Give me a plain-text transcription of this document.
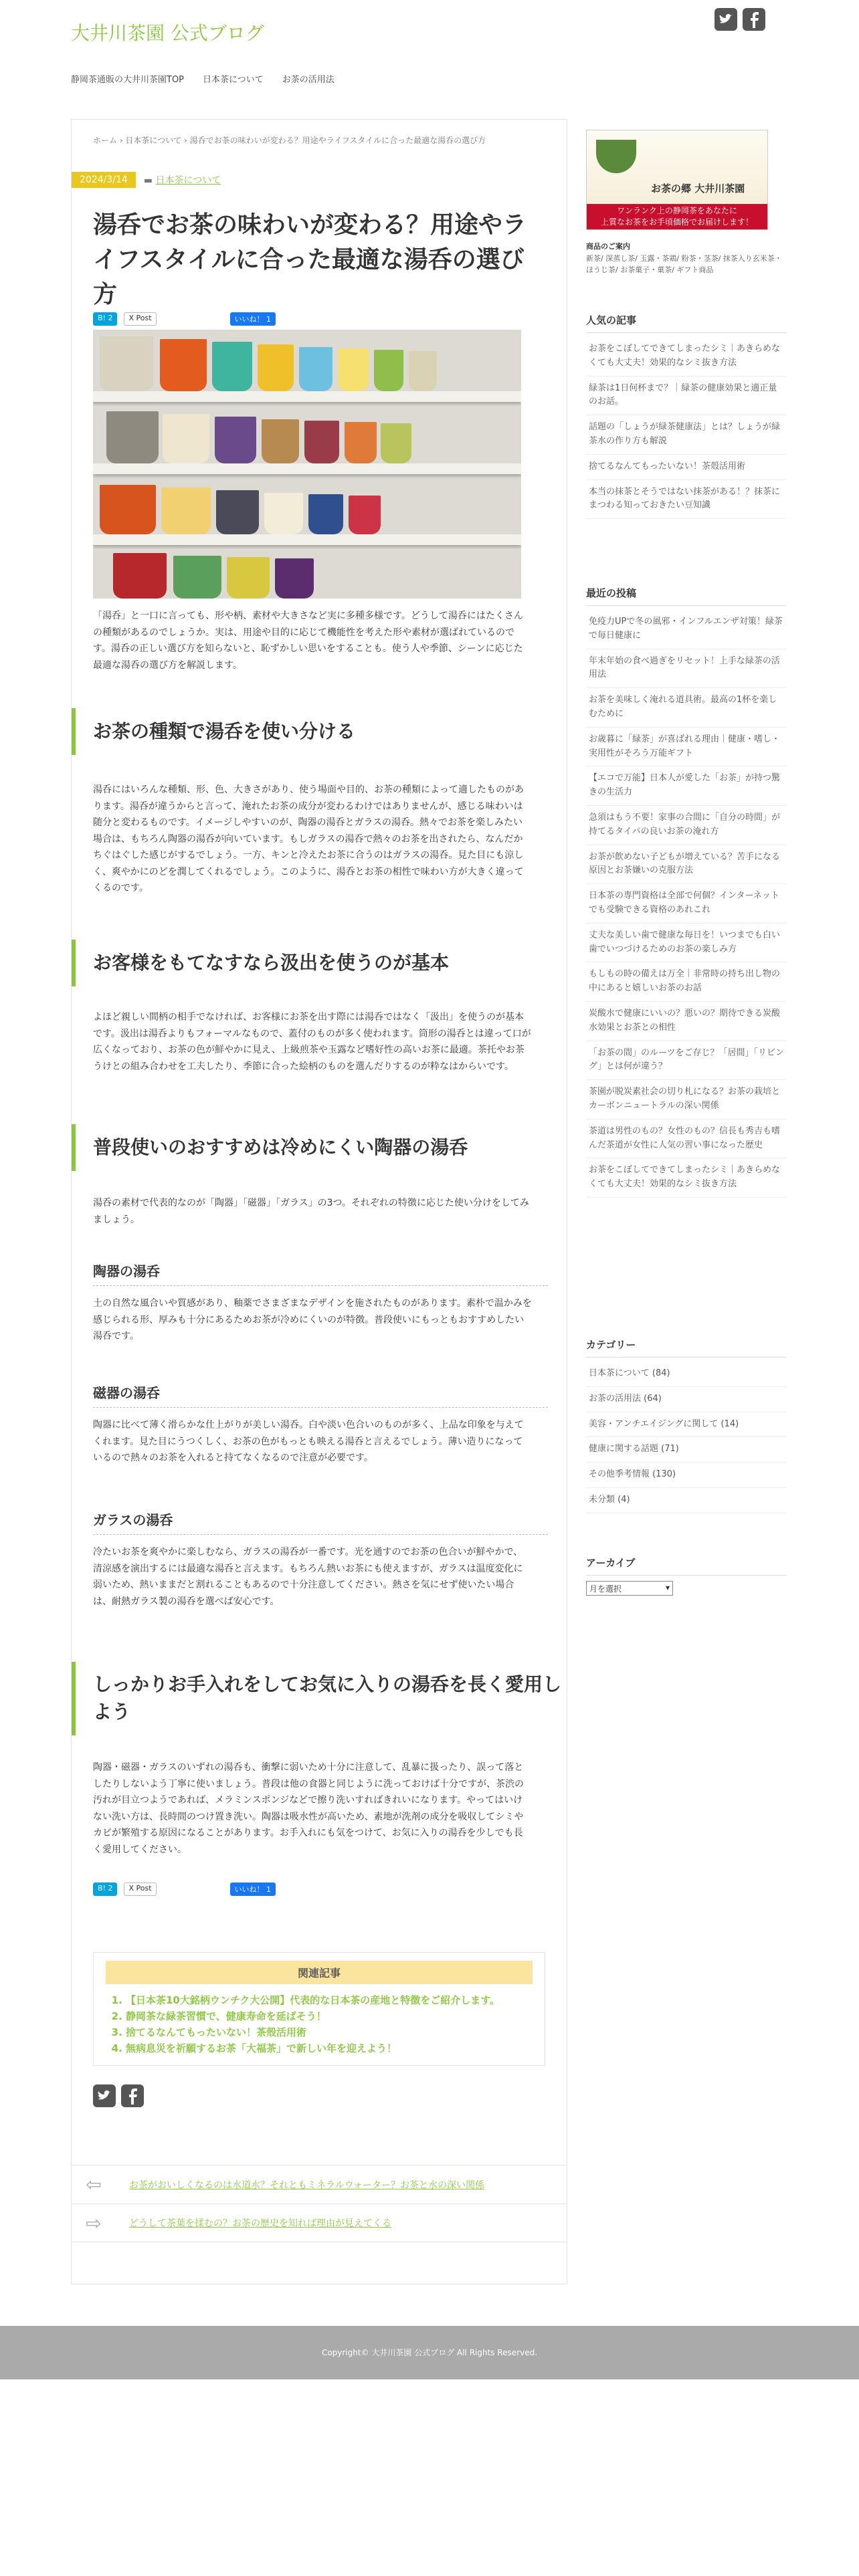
大井川茶園 公式ブログ
静岡茶通販の大井川茶園TOP 日本茶について お茶の活用法
ホーム › 日本茶について › 湯呑でお茶の味わいが変わる？用途やライフスタイルに合った最適な湯呑の選び方
2024/3/14	▬ 日本茶について
湯呑でお茶の味わいが変わる？用途やライフスタイルに合った最適な湯呑の選び方
B! 2	X Post	いいね！ 1

「湯呑」と一口に言っても、形や柄、素材や大きさなど実に多種多様です。どうして湯呑にはたくさんの種類があるのでしょうか。実は、用途や目的に応じて機能性を考えた形や素材が選ばれているのです。湯呑の正しい選び方を知らないと、恥ずかしい思いをすることも。使う人や季節、シーンに応じた最適な湯呑の選び方を解説します。

お茶の種類で湯呑を使い分ける

湯呑にはいろんな種類、形、色、大きさがあり、使う場面や目的、お茶の種類によって適したものがあります。湯呑が違うからと言って、淹れたお茶の成分が変わるわけではありませんが、感じる味わいは随分と変わるものです。イメージしやすいのが、陶器の湯呑とガラスの湯呑。熱々でお茶を楽しみたい場合は、もちろん陶器の湯呑が向いています。もしガラスの湯呑で熱々のお茶を出されたら、なんだかちぐはぐした感じがするでしょう。一方、キンと冷えたお茶に合うのはガラスの湯呑。見た目にも涼しく、爽やかにのどを潤してくれるでしょう。このように、湯呑とお茶の相性で味わい方が大きく違ってくるのです。

お客様をもてなすなら汲出を使うのが基本

よほど親しい間柄の相手でなければ、お客様にお茶を出す際には湯呑ではなく「汲出」を使うのが基本です。汲出は湯呑よりもフォーマルなもので、蓋付のものが多く使われます。筒形の湯呑とは違って口が広くなっており、お茶の色が鮮やかに見え、上級煎茶や玉露など嗜好性の高いお茶に最適。茶托やお茶うけとの組み合わせを工夫したり、季節に合った絵柄のものを選んだりするのが粋なはからいです。

普段使いのおすすめは冷めにくい陶器の湯呑

湯呑の素材で代表的なのが「陶器」「磁器」「ガラス」の3つ。それぞれの特徴に応じた使い分けをしてみましょう。

陶器の湯呑

土の自然な風合いや質感があり、釉薬でさまざまなデザインを施されたものがあります。素朴で温かみを感じられる形、厚みも十分にあるためお茶が冷めにくいのが特徴。普段使いにもっともおすすめしたい湯呑です。

磁器の湯呑

陶器に比べて薄く滑らかな仕上がりが美しい湯呑。白や淡い色合いのものが多く、上品な印象を与えてくれます。見た目にうつくしく、お茶の色がもっとも映える湯呑と言えるでしょう。薄い造りになっているので熱々のお茶を入れると持てなくなるので注意が必要です。

ガラスの湯呑

冷たいお茶を爽やかに楽しむなら、ガラスの湯呑が一番です。光を通すのでお茶の色合いが鮮やかで、清涼感を演出するには最適な湯呑と言えます。もちろん熱いお茶にも使えますが、ガラスは温度変化に弱いため、熱いままだと割れることもあるので十分注意してください。熱さを気にせず使いたい場合は、耐熱ガラス製の湯呑を選べば安心です。

しっかりお手入れをしてお気に入りの湯呑を長く愛用しよう

陶器・磁器・ガラスのいずれの湯呑も、衝撃に弱いため十分に注意して、乱暴に扱ったり、誤って落としたりしないよう丁寧に使いましょう。普段は他の食器と同じように洗っておけば十分ですが、茶渋の汚れが目立つようであれば、メラミンスポンジなどで擦り洗いすればきれいになります。やってはいけない洗い方は、長時間のつけ置き洗い。陶器は吸水性が高いため、素地が洗剤の成分を吸収してシミやカビが繁殖する原因になることがあります。お手入れにも気をつけて、お気に入りの湯呑を少しでも長く愛用してください。

B! 2	X Post	いいね！ 1
関連記事
1. 【日本茶10大銘柄ウンチク大公開】代表的な日本茶の産地と特徴をご紹介します。
2. 静岡茶な緑茶習慣で、健康寿命を延ばそう！
3. 捨てるなんてもったいない！茶殻活用術
4. 無病息災を祈願するお茶「大福茶」で新しい年を迎えよう！
⇦	お茶がおいしくなるのは水道水？それともミネラルウォーター？お茶と水の深い関係
⇨	どうして茶葉を揉むの？お茶の歴史を知れば理由が見えてくる
お茶の郷 大井川茶園
ワンランク上の静岡茶をあなたに
上質なお茶をお手頃価格でお届けします！
商品のご案内
新茶/ 深蒸し茶/ 玉露・茶鶏/ 粉茶・茎茶/ 抹茶入り玄米茶・ほうじ茶/ お茶菓子・菓茶/ ギフト商品
人気の記事
お茶をこぼしてできてしまったシミ｜あきらめなくても大丈夫！効果的なシミ抜き方法
緑茶は1日何杯まで？｜緑茶の健康効果と適正量のお話。
話題の「しょうが緑茶健康法」とは？しょうが緑茶水の作り方も解説
捨てるなんてもったいない！茶殻活用術
本当の抹茶とそうではない抹茶がある！？抹茶にまつわる知っておきたい豆知識
最近の投稿
免疫力UPで冬の風邪・インフルエンザ対策！緑茶で毎日健康に
年末年始の食べ過ぎをリセット！上手な緑茶の活用法
お茶を美味しく淹れる道具術。最高の1杯を楽しむために
お歳暮に「緑茶」が喜ばれる理由｜健康・嗜し・実用性がそろう万能ギフト
【エコで万能】日本人が愛した「お茶」が持つ驚きの生活力
急須はもう不要！家事の合間に「自分の時間」が持てるタイパの良いお茶の淹れ方
お茶が飲めない子どもが増えている？苦手になる原因とお茶嫌いの克服方法
日本茶の専門資格は全部で何個？インターネットでも受験できる資格のあれこれ
丈夫な美しい歯で健康な毎日を！いつまでも白い歯でいつづけるためのお茶の楽しみ方
もしもの時の備えは万全｜非常時の持ち出し物の中にあると嬉しいお茶のお話
炭酸水で健康にいいの？悪いの？期待できる炭酸水効果とお茶との相性
「お茶の間」のルーツをご存じ？「居間」「リビング」とは何が違う？
茶園が脱炭素社会の切り札になる？お茶の栽培とカーボンニュートラルの深い関係
茶道は男性のもの？女性のもの？信長も秀吉も嗜んだ茶道が女性に人気の習い事になった歴史
お茶をこぼしてできてしまったシミ｜あきらめなくても大丈夫！効果的なシミ抜き方法
カテゴリー
日本茶について (84)
お茶の活用法 (64)
美容・アンチエイジングに関して (14)
健康に関する話題 (71)
その他季考情報 (130)
未分類 (4)
アーカイブ
月を選択	▾
Copyright© 大井川茶園 公式ブログ All Rights Reserved.
